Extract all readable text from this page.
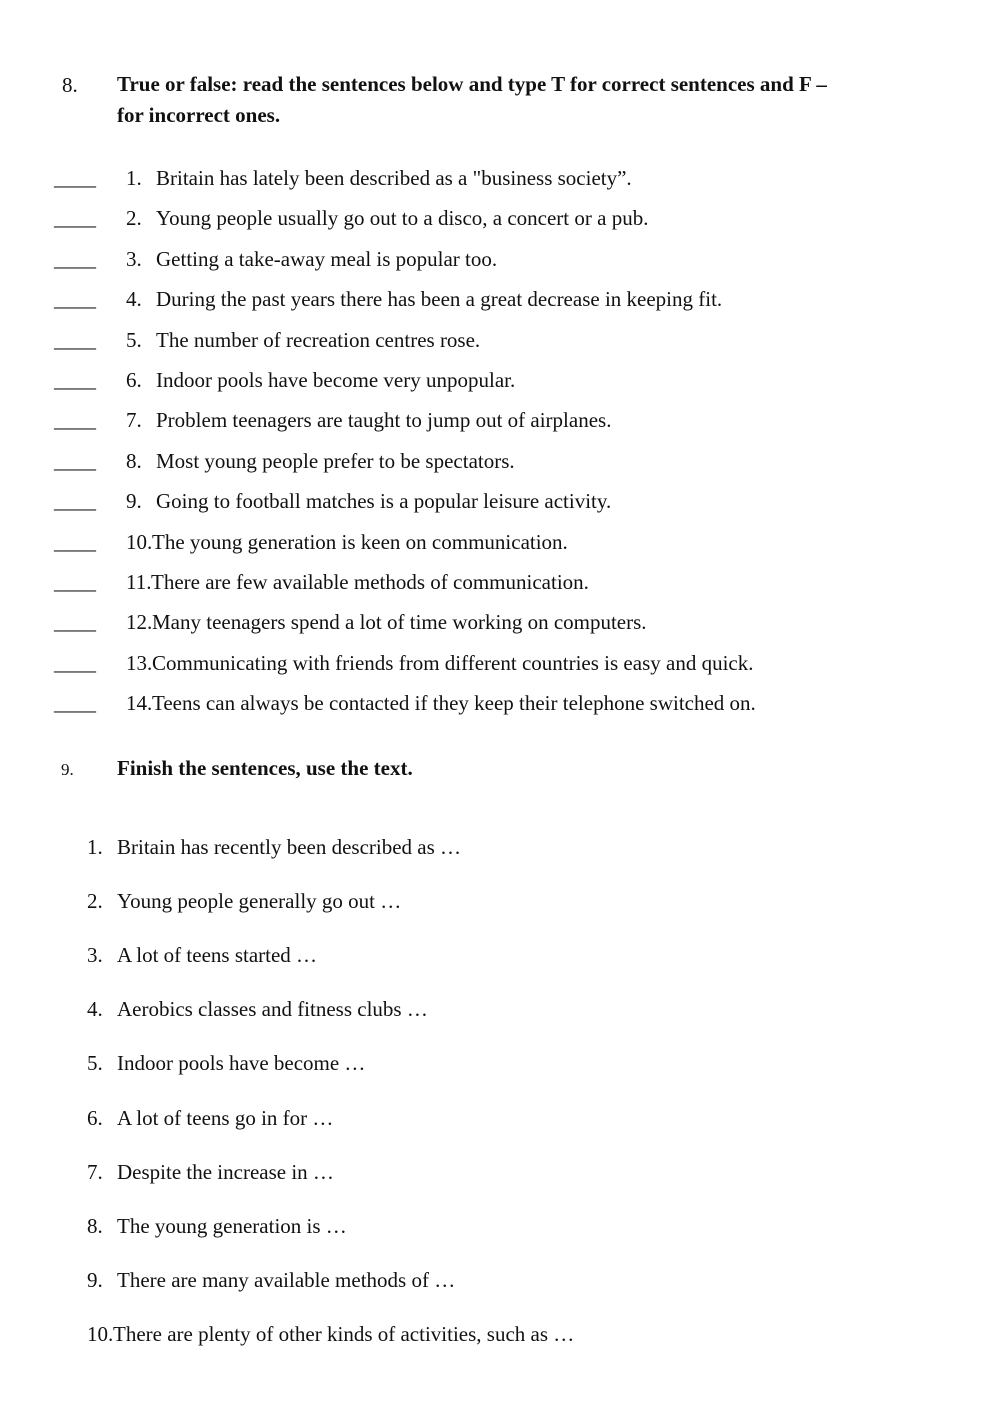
8. True or false: read the sentences below and type T for correct sentences and F –
for incorrect ones.
____ 1. Britain has lately been described as a "business society”.
____ 2. Young people usually go out to a disco, a concert or a pub.
____ 3. Getting a take-away meal is popular too.
____ 4. During the past years there has been a great decrease in keeping fit.
____ 5. The number of recreation centres rose.
____ 6. Indoor pools have become very unpopular.
____ 7. Problem teenagers are taught to jump out of airplanes.
____ 8. Most young people prefer to be spectators.
____ 9. Going to football matches is a popular leisure activity.
____ 10. The young generation is keen on communication.
____ 11. There are few available methods of communication.
____ 12. Many teenagers spend a lot of time working on computers.
____ 13. Communicating with friends from different countries is easy and quick.
____ 14. Teens can always be contacted if they keep their telephone switched on.
9. Finish the sentences, use the text.
1. Britain has recently been described as …
2. Young people generally go out …
3. A lot of teens started …
4. Aerobics classes and fitness clubs …
5. Indoor pools have become …
6. A lot of teens go in for …
7. Despite the increase in …
8. The young generation is …
9. There are many available methods of …
10. There are plenty of other kinds of activities, such as …
